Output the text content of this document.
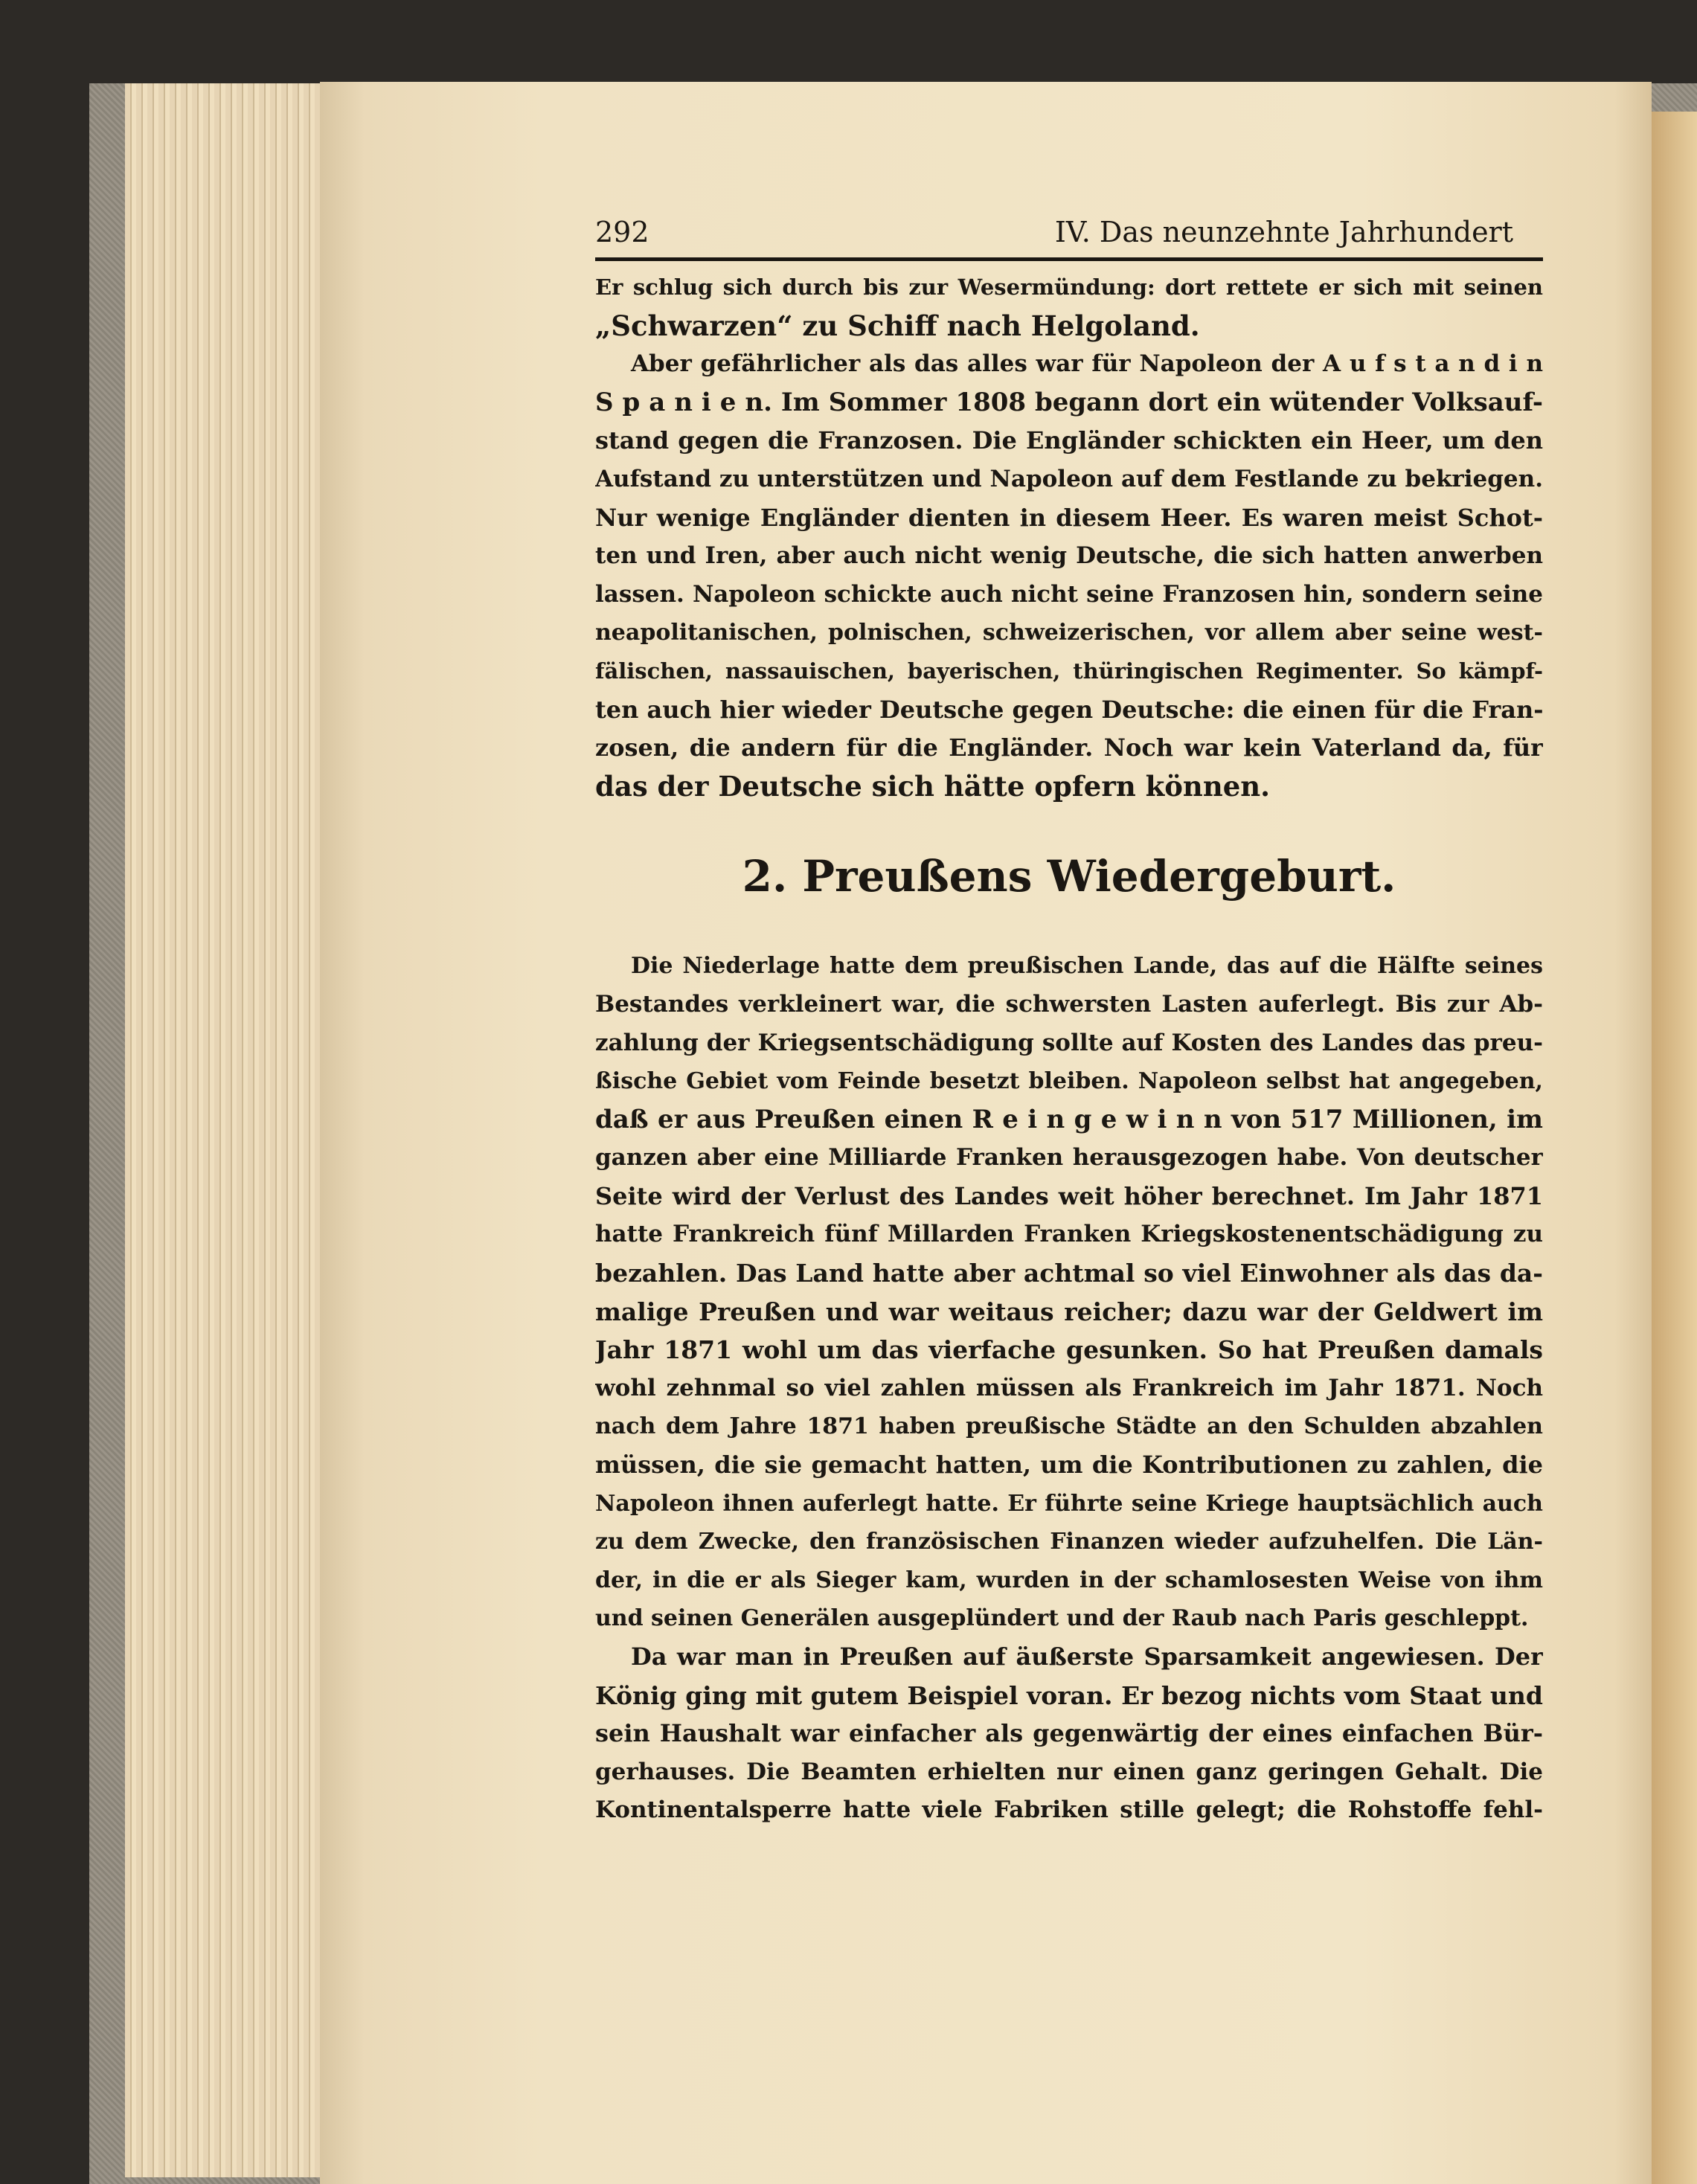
292	IV. Das neunzehnte Jahrhundert
Er schlug sich durch bis zur Wesermündung: dort rettete er sich mit seinen
„Schwarzen“ zu Schiff nach Helgoland.
Aber gefährlicher als das alles war für Napoleon der A u f s t a n d i n
S p a n i e n. Im Sommer 1808 begann dort ein wütender Volksauf-
stand gegen die Franzosen. Die Engländer schickten ein Heer, um den
Aufstand zu unterstützen und Napoleon auf dem Festlande zu bekriegen.
Nur wenige Engländer dienten in diesem Heer. Es waren meist Schot-
ten und Iren, aber auch nicht wenig Deutsche, die sich hatten anwerben
lassen. Napoleon schickte auch nicht seine Franzosen hin, sondern seine
neapolitanischen, polnischen, schweizerischen, vor allem aber seine west-
fälischen, nassauischen, bayerischen, thüringischen Regimenter. So kämpf-
ten auch hier wieder Deutsche gegen Deutsche: die einen für die Fran-
zosen, die andern für die Engländer. Noch war kein Vaterland da, für
das der Deutsche sich hätte opfern können.
2. Preußens Wiedergeburt.
Die Niederlage hatte dem preußischen Lande, das auf die Hälfte seines
Bestandes verkleinert war, die schwersten Lasten auferlegt. Bis zur Ab-
zahlung der Kriegsentschädigung sollte auf Kosten des Landes das preu-
ßische Gebiet vom Feinde besetzt bleiben. Napoleon selbst hat angegeben,
daß er aus Preußen einen R e i n g e w i n n von 517 Millionen, im
ganzen aber eine Milliarde Franken herausgezogen habe. Von deutscher
Seite wird der Verlust des Landes weit höher berechnet. Im Jahr 1871
hatte Frankreich fünf Millarden Franken Kriegskostenentschädigung zu
bezahlen. Das Land hatte aber achtmal so viel Einwohner als das da-
malige Preußen und war weitaus reicher; dazu war der Geldwert im
Jahr 1871 wohl um das vierfache gesunken. So hat Preußen damals
wohl zehnmal so viel zahlen müssen als Frankreich im Jahr 1871. Noch
nach dem Jahre 1871 haben preußische Städte an den Schulden abzahlen
müssen, die sie gemacht hatten, um die Kontributionen zu zahlen, die
Napoleon ihnen auferlegt hatte. Er führte seine Kriege hauptsächlich auch
zu dem Zwecke, den französischen Finanzen wieder aufzuhelfen. Die Län-
der, in die er als Sieger kam, wurden in der schamlosesten Weise von ihm
und seinen Generälen ausgeplündert und der Raub nach Paris geschleppt.
Da war man in Preußen auf äußerste Sparsamkeit angewiesen. Der
König ging mit gutem Beispiel voran. Er bezog nichts vom Staat und
sein Haushalt war einfacher als gegenwärtig der eines einfachen Bür-
gerhauses. Die Beamten erhielten nur einen ganz geringen Gehalt. Die
Kontinentalsperre hatte viele Fabriken stille gelegt; die Rohstoffe fehl-
